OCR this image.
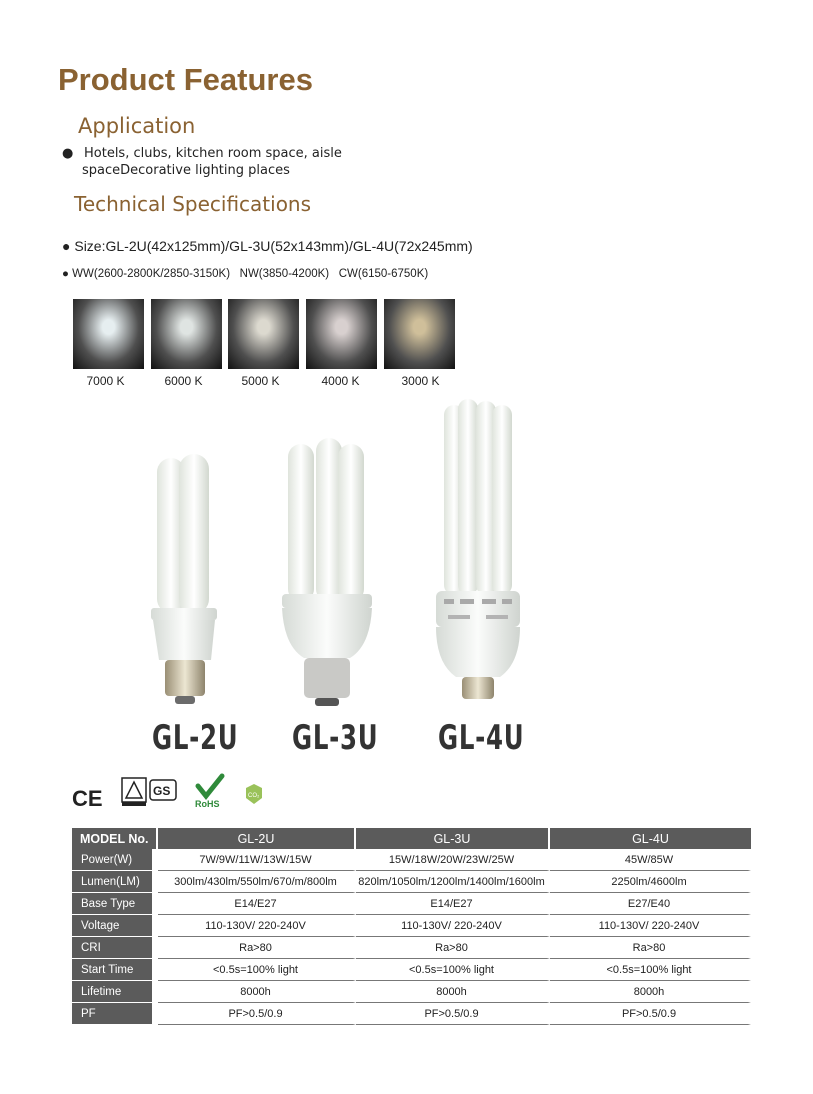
Product Features
Application
● Hotels, clubs, kitchen room space, aisle
spaceDecorative lighting places
Technical Specifications
● Size:GL-2U(42x125mm)/GL-3U(52x143mm)/GL-4U(72x245mm)
● WW(2600-2800K/2850-3150K)   NW(3850-4200K)   CW(6150-6750K)
7000 K	6000 K	5000 K	4000 K	3000 K
GL-2U GL-3U GL-4U
CE	GS
RoHS
CO₂
MODEL No.	GL-2U	GL-3U	GL-4U
Power(W)	7W/9W/11W/13W/15W	15W/18W/20W/23W/25W	45W/85W
Lumen(LM)	300lm/430lm/550lm/670/m/800lm	820lm/1050lm/1200lm/1400lm/1600lm	2250lm/4600lm
Base Type	E14/E27	E14/E27	E27/E40
Voltage	110-130V/ 220-240V	110-130V/ 220-240V	110-130V/ 220-240V
CRI	Ra>80	Ra>80	Ra>80
Start Time	<0.5s=100% light	<0.5s=100% light	<0.5s=100% light
Lifetime	8000h	8000h	8000h
PF	PF>0.5/0.9	PF>0.5/0.9	PF>0.5/0.9
